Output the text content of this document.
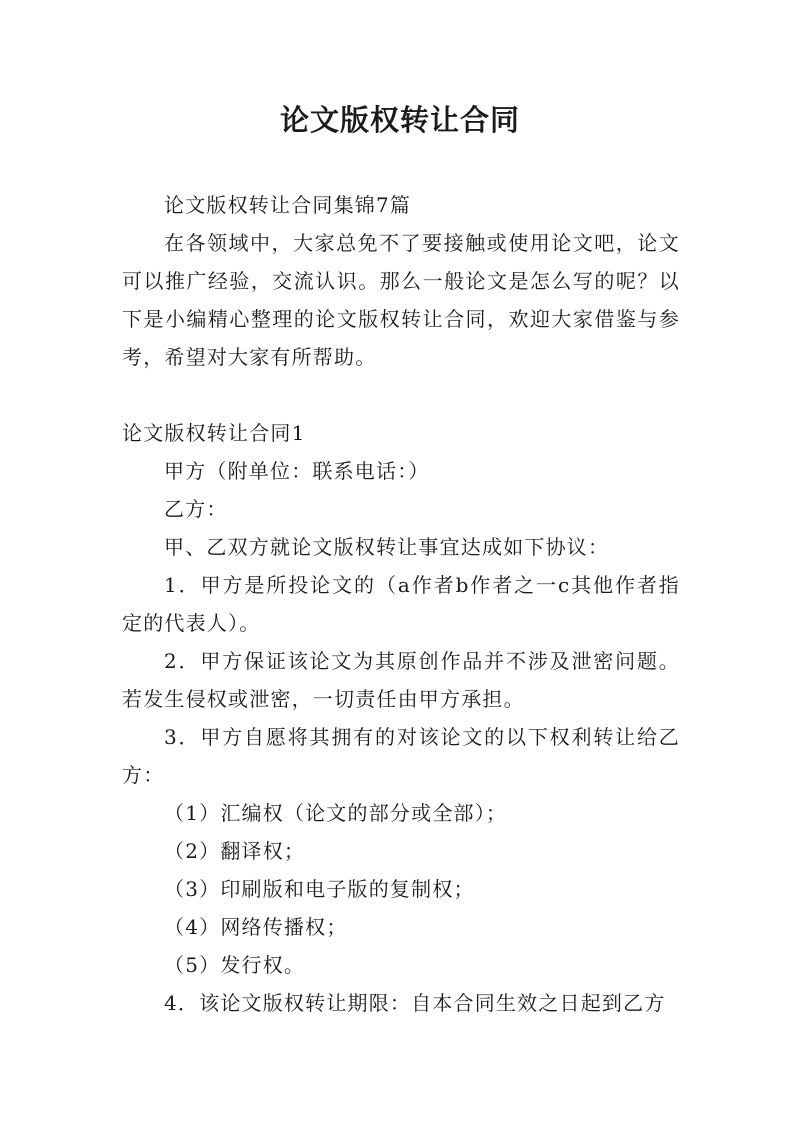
论文版权转让合同

论文版权转让合同集锦7篇

在各领域中，大家总免不了要接触或使用论文吧，论文可以推广经验，交流认识。那么一般论文是怎么写的呢？以下是小编精心整理的论文版权转让合同，欢迎大家借鉴与参考，希望对大家有所帮助。

论文版权转让合同1

甲方（附单位：联系电话：）

乙方：

甲、乙双方就论文版权转让事宜达成如下协议：

1．甲方是所投论文的（a作者b作者之一c其他作者指定的代表人）。

2．甲方保证该论文为其原创作品并不涉及泄密问题。若发生侵权或泄密，一切责任由甲方承担。

3．甲方自愿将其拥有的对该论文的以下权利转让给乙方：

（1）汇编权（论文的部分或全部）；

（2）翻译权；

（3）印刷版和电子版的复制权；

（4）网络传播权；

（5）发行权。

4．该论文版权转让期限：自本合同生效之日起到乙方
